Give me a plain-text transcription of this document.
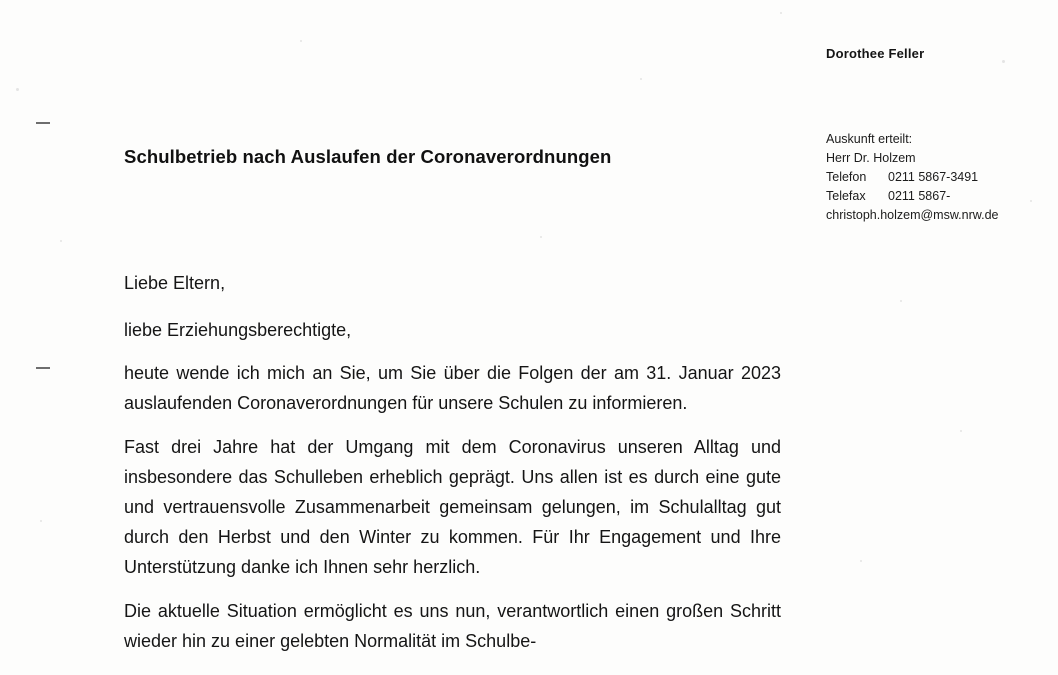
Dorothee Feller
Auskunft erteilt:
Herr Dr. Holzem
Telefon 0211 5867-3491
Telefax 0211 5867-
christoph.holzem@msw.nrw.de
Schulbetrieb nach Auslaufen der Coronaverordnungen
Liebe Eltern,
liebe Erziehungsberechtigte,

heute wende ich mich an Sie, um Sie über die Folgen der am 31. Januar 2023 auslaufenden Coronaverordnungen für unsere Schulen zu informieren.

Fast drei Jahre hat der Umgang mit dem Coronavirus unseren Alltag und insbesondere das Schulleben erheblich geprägt. Uns allen ist es durch eine gute und vertrauensvolle Zusammenarbeit gemeinsam gelungen, im Schulalltag gut durch den Herbst und den Winter zu kommen. Für Ihr Engagement und Ihre Unterstützung danke ich Ihnen sehr herzlich.

Die aktuelle Situation ermöglicht es uns nun, verantwortlich einen großen Schritt wieder hin zu einer gelebten Normalität im Schulbe-
